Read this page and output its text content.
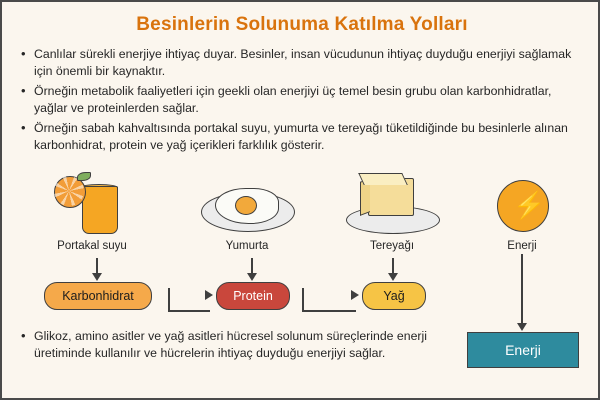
Besinlerin Solunuma Katılma Yolları
• Canlılar sürekli enerjiye ihtiyaç duyar. Besinler, insan vücudunun ihtiyaç duyduğu enerjiyi sağlamak için önemli bir kaynaktır.
• Örneğin metabolik faaliyetleri için geekli olan enerjiyi üç temel besin grubu olan karbonhidratlar, yağlar ve proteinlerden sağlar.
• Örneğin sabah kahvaltısında portakal suyu, yumurta ve tereyağı tüketildiğinde bu besinlerle alınan karbonhidrat, protein ve yağ içerikleri farklılık gösterir.
Portakal suyu	Yumurta	Tereyağı
⚡
Enerji
Karbonhidrat	Protein	Yağ
Enerji
• Glikoz, amino asitler ve yağ asitleri hücresel solunum süreçlerinde enerji üretiminde kullanılır ve hücrelerin ihtiyaç duyduğu enerjiyi sağlar.
